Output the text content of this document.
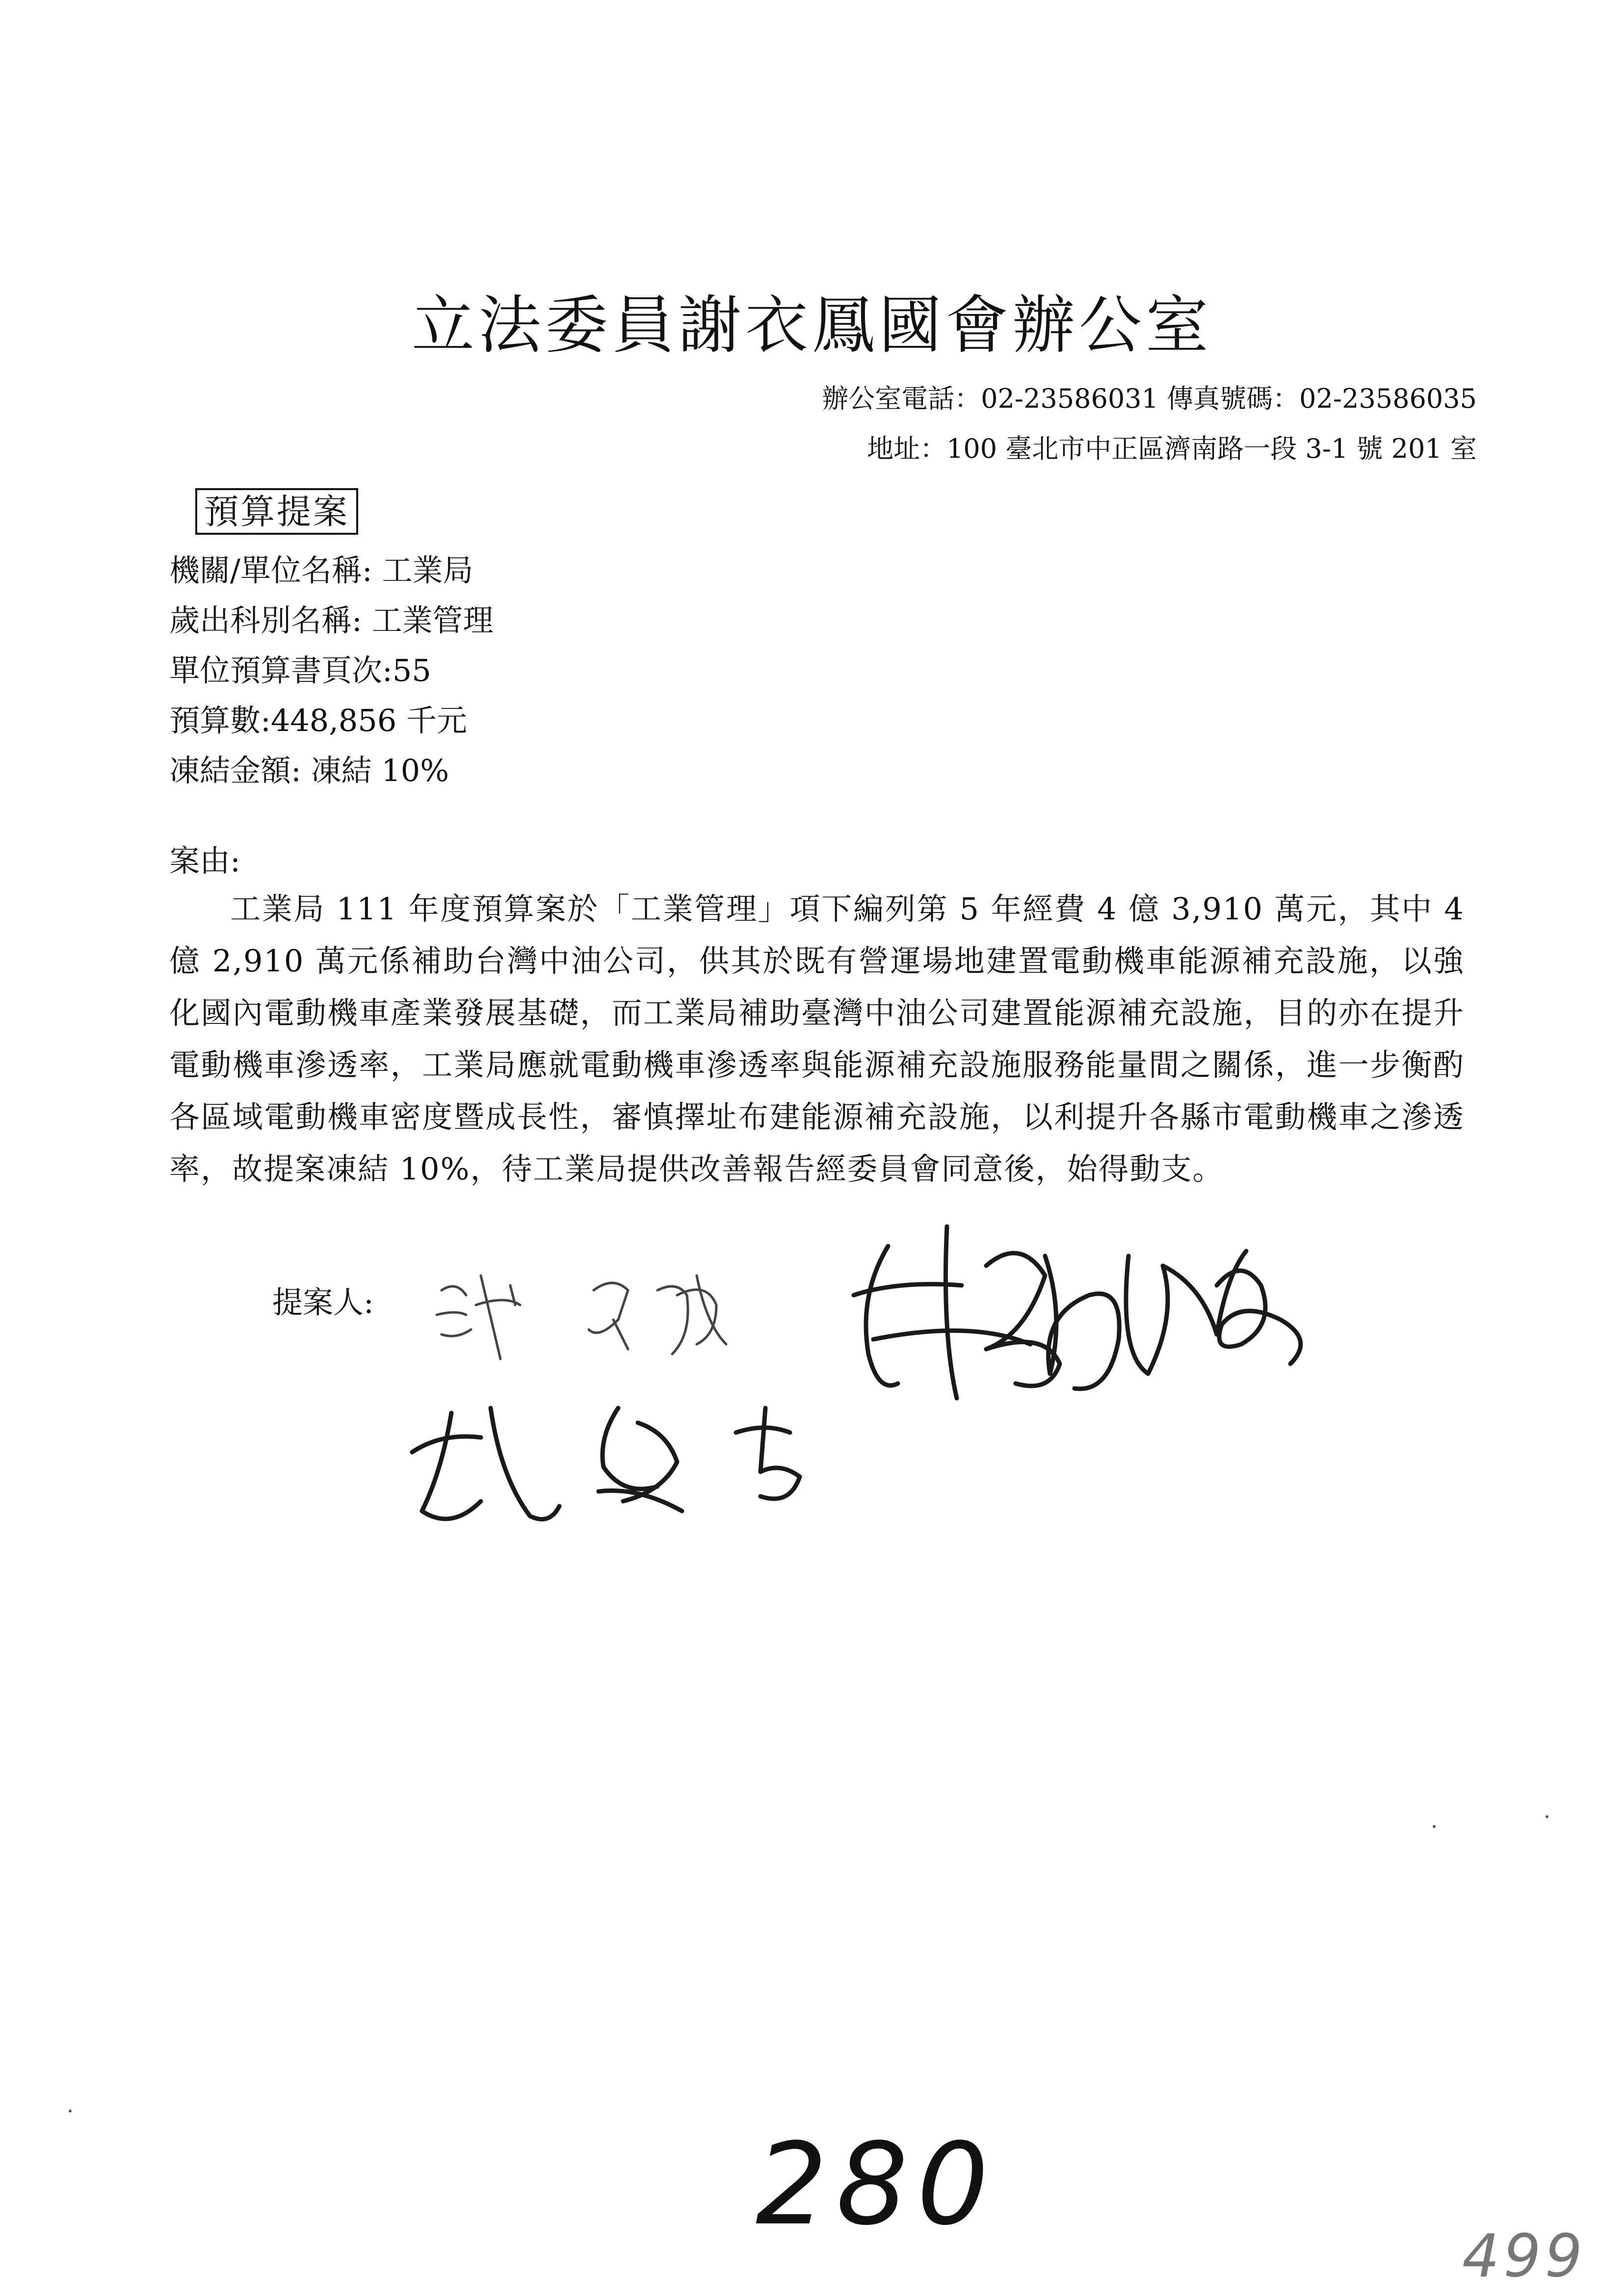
立法委員謝衣鳳國會辦公室
辦公室電話：02-23586031 傳真號碼：02-23586035
地址：100 臺北市中正區濟南路一段 3-1 號 201 室
預算提案
機關/單位名稱: 工業局
歲出科別名稱: 工業管理
單位預算書頁次:55
預算數:448,856 千元
凍結金額: 凍結 10%
案由:

工業局 111 年度預算案於「工業管理」項下編列第 5 年經費 4 億 3,910 萬元，其中 4 億 2,910 萬元係補助台灣中油公司，供其於既有營運場地建置電動機車能源補充設施，以強化國內電動機車產業發展基礎，而工業局補助臺灣中油公司建置能源補充設施，目的亦在提升電動機車滲透率，工業局應就電動機車滲透率與能源補充設施服務能量間之關係，進一步衡酌各區域電動機車密度暨成長性，審慎擇址布建能源補充設施，以利提升各縣市電動機車之滲透率，故提案凍結 10%，待工業局提供改善報告經委員會同意後，始得動支。

提案人:
280
499
